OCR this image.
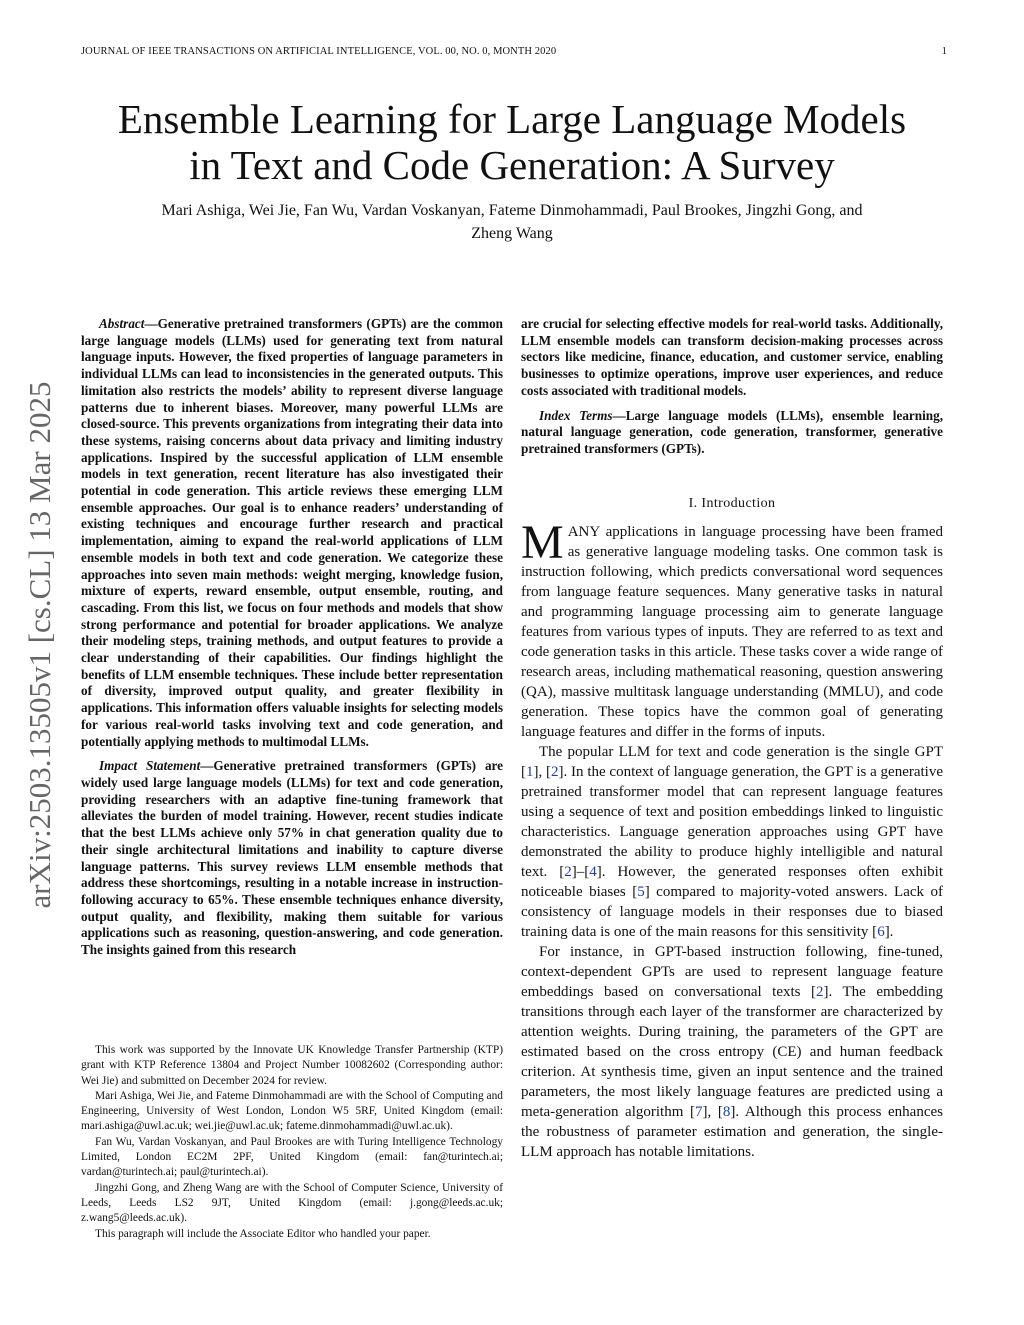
JOURNAL OF IEEE TRANSACTIONS ON ARTIFICIAL INTELLIGENCE, VOL. 00, NO. 0, MONTH 2020	1
arXiv:2503.13505v1 [cs.CL] 13 Mar 2025
Ensemble Learning for Large Language Models
in Text and Code Generation: A Survey
Mari Ashiga, Wei Jie, Fan Wu, Vardan Voskanyan, Fateme Dinmohammadi, Paul Brookes, Jingzhi Gong, and
Zheng Wang

Abstract—Generative pretrained transformers (GPTs) are the common large language models (LLMs) used for generating text from natural language inputs. However, the fixed properties of language parameters in individual LLMs can lead to inconsistencies in the generated outputs. This limitation also restricts the models’ ability to represent diverse language patterns due to inherent biases. Moreover, many powerful LLMs are closed-source. This prevents organizations from integrating their data into these systems, raising concerns about data privacy and limiting industry applications. Inspired by the successful application of LLM ensemble models in text generation, recent literature has also investigated their potential in code generation. This article reviews these emerging LLM ensemble approaches. Our goal is to enhance readers’ understanding of existing techniques and encourage further research and practical implementation, aiming to expand the real-world applications of LLM ensemble models in both text and code generation. We categorize these approaches into seven main methods: weight merging, knowledge fusion, mixture of experts, reward ensemble, output ensemble, routing, and cascading. From this list, we focus on four methods and models that show strong performance and potential for broader applications. We analyze their modeling steps, training methods, and output features to provide a clear understanding of their capabilities. Our findings highlight the benefits of LLM ensemble techniques. These include better representation of diversity, improved output quality, and greater flexibility in applications. This information offers valuable insights for selecting models for various real-world tasks involving text and code generation, and potentially applying methods to multimodal LLMs.

Impact Statement—Generative pretrained transformers (GPTs) are widely used large language models (LLMs) for text and code generation, providing researchers with an adaptive fine-tuning framework that alleviates the burden of model training. However, recent studies indicate that the best LLMs achieve only 57% in chat generation quality due to their single architectural limitations and inability to capture diverse language patterns. This survey reviews LLM ensemble methods that address these shortcomings, resulting in a notable increase in instruction-following accuracy to 65%. These ensemble techniques enhance diversity, output quality, and flexibility, making them suitable for various applications such as reasoning, question-answering, and code generation. The insights gained from this research

This work was supported by the Innovate UK Knowledge Transfer Partnership (KTP) grant with KTP Reference 13804 and Project Number 10082602 (Corresponding author: Wei Jie) and submitted on December 2024 for review.

Mari Ashiga, Wei Jie, and Fateme Dinmohammadi are with the School of Computing and Engineering, University of West London, London W5 5RF, United Kingdom (email: mari.ashiga@uwl.ac.uk; wei.jie@uwl.ac.uk; fateme.dinmohammadi@uwl.ac.uk).

Fan Wu, Vardan Voskanyan, and Paul Brookes are with Turing Intelligence Technology Limited, London EC2M 2PF, United Kingdom (email: fan@turintech.ai; vardan@turintech.ai; paul@turintech.ai).

Jingzhi Gong, and Zheng Wang are with the School of Computer Science, University of Leeds, Leeds LS2 9JT, United Kingdom (email: j.gong@leeds.ac.uk; z.wang5@leeds.ac.uk).

This paragraph will include the Associate Editor who handled your paper.

are crucial for selecting effective models for real-world tasks. Additionally, LLM ensemble models can transform decision-making processes across sectors like medicine, finance, education, and customer service, enabling businesses to optimize operations, improve user experiences, and reduce costs associated with traditional models.

Index Terms—Large language models (LLMs), ensemble learning, natural language generation, code generation, transformer, generative pretrained transformers (GPTs).

I. Introduction

MANY applications in language processing have been framed as generative language modeling tasks. One common task is instruction following, which predicts conversational word sequences from language feature sequences. Many generative tasks in natural and programming language processing aim to generate language features from various types of inputs. They are referred to as text and code generation tasks in this article. These tasks cover a wide range of research areas, including mathematical reasoning, question answering (QA), massive multitask language understanding (MMLU), and code generation. These topics have the common goal of generating language features and differ in the forms of inputs.

The popular LLM for text and code generation is the single GPT [1], [2]. In the context of language generation, the GPT is a generative pretrained transformer model that can represent language features using a sequence of text and position embeddings linked to linguistic characteristics. Language generation approaches using GPT have demonstrated the ability to produce highly intelligible and natural text. [2]–[4]. However, the generated responses often exhibit noticeable biases [5] compared to majority-voted answers. Lack of consistency of language models in their responses due to biased training data is one of the main reasons for this sensitivity [6].

For instance, in GPT-based instruction following, fine-tuned, context-dependent GPTs are used to represent language feature embeddings based on conversational texts [2]. The embedding transitions through each layer of the transformer are characterized by attention weights. During training, the parameters of the GPT are estimated based on the cross entropy (CE) and human feedback criterion. At synthesis time, given an input sentence and the trained parameters, the most likely language features are predicted using a meta-generation algorithm [7], [8]. Although this process enhances the robustness of parameter estimation and generation, the single-LLM approach has notable limitations.
